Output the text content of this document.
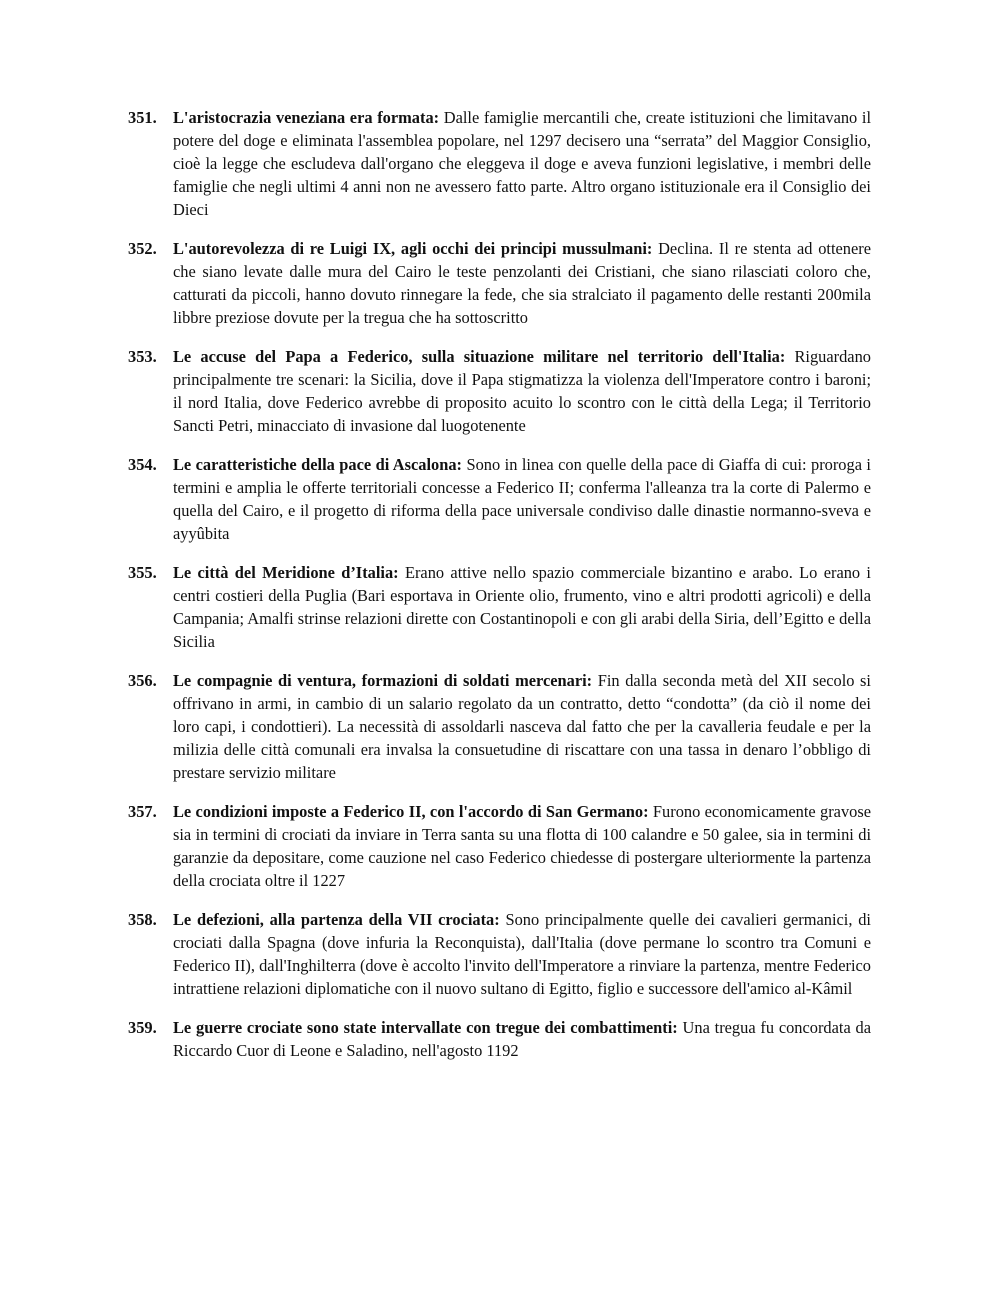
351. L'aristocrazia veneziana era formata: Dalle famiglie mercantili che, create istituzioni che limitavano il potere del doge e eliminata l'assemblea popolare, nel 1297 decisero una “serrata” del Maggior Consiglio, cioè la legge che escludeva dall'organo che eleggeva il doge e aveva funzioni legislative, i membri delle famiglie che negli ultimi 4 anni non ne avessero fatto parte. Altro organo istituzionale era il Consiglio dei Dieci
352. L'autorevolezza di re Luigi IX, agli occhi dei principi mussulmani: Declina. Il re stenta ad ottenere che siano levate dalle mura del Cairo le teste penzolanti dei Cristiani, che siano rilasciati coloro che, catturati da piccoli, hanno dovuto rinnegare la fede, che sia stralciato il pagamento delle restanti 200mila libbre preziose dovute per la tregua che ha sottoscritto
353. Le accuse del Papa a Federico, sulla situazione militare nel territorio dell'Italia: Riguardano principalmente tre scenari: la Sicilia, dove il Papa stigmatizza la violenza dell'Imperatore contro i baroni; il nord Italia, dove Federico avrebbe di proposito acuito lo scontro con le città della Lega; il Territorio Sancti Petri, minacciato di invasione dal luogotenente
354. Le caratteristiche della pace di Ascalona: Sono in linea con quelle della pace di Giaffa di cui: proroga i termini e amplia le offerte territoriali concesse a Federico II; conferma l'alleanza tra la corte di Palermo e quella del Cairo, e il progetto di riforma della pace universale condiviso dalle dinastie normanno-sveva e ayyûbita
355. Le città del Meridione d’Italia: Erano attive nello spazio commerciale bizantino e arabo. Lo erano i centri costieri della Puglia (Bari esportava in Oriente olio, frumento, vino e altri prodotti agricoli) e della Campania; Amalfi strinse relazioni dirette con Costantinopoli e con gli arabi della Siria, dell’Egitto e della Sicilia
356. Le compagnie di ventura, formazioni di soldati mercenari: Fin dalla seconda metà del XII secolo si offrivano in armi, in cambio di un salario regolato da un contratto, detto “condotta” (da ciò il nome dei loro capi, i condottieri). La necessità di assoldarli nasceva dal fatto che per la cavalleria feudale e per la milizia delle città comunali era invalsa la consuetudine di riscattare con una tassa in denaro l’obbligo di prestare servizio militare
357. Le condizioni imposte a Federico II, con l'accordo di San Germano: Furono economicamente gravose sia in termini di crociati da inviare in Terra santa su una flotta di 100 calandre e 50 galee, sia in termini di garanzie da depositare, come cauzione nel caso Federico chiedesse di postergare ulteriormente la partenza della crociata oltre il 1227
358. Le defezioni, alla partenza della VII crociata: Sono principalmente quelle dei cavalieri germanici, di crociati dalla Spagna (dove infuria la Reconquista), dall'Italia (dove permane lo scontro tra Comuni e Federico II), dall'Inghilterra (dove è accolto l'invito dell'Imperatore a rinviare la partenza, mentre Federico intrattiene relazioni diplomatiche con il nuovo sultano di Egitto, figlio e successore dell'amico al-Kâmil
359. Le guerre crociate sono state intervallate con tregue dei combattimenti: Una tregua fu concordata da Riccardo Cuor di Leone e Saladino, nell'agosto 1192
